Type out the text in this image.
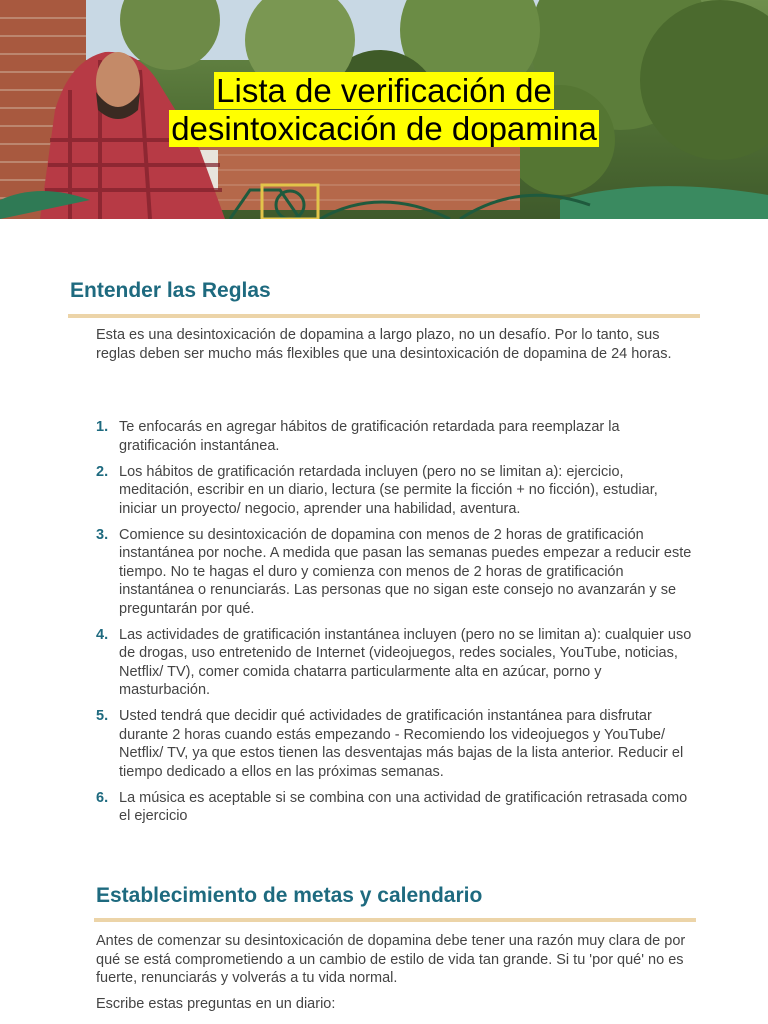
Lista de verificación de
desintoxicación de dopamina
Entender las Reglas

Esta es una desintoxicación de dopamina a largo plazo, no un desafío. Por lo tanto, sus reglas deben ser mucho más flexibles que una desintoxicación de dopamina de 24 horas.

1. Te enfocarás en agregar hábitos de gratificación retardada para reemplazar la gratificación instantánea.
2. Los hábitos de gratificación retardada incluyen (pero no se limitan a): ejercicio, meditación, escribir en un diario, lectura (se permite la ficción + no ficción), estudiar, iniciar un proyecto/ negocio, aprender una habilidad, aventura.
3. Comience su desintoxicación de dopamina con menos de 2 horas de gratificación instantánea por noche. A medida que pasan las semanas puedes empezar a reducir este tiempo. No te hagas el duro y comienza con menos de 2 horas de gratificación instantánea o renunciarás. Las personas que no sigan este consejo no avanzarán y se preguntarán por qué.
4. Las actividades de gratificación instantánea incluyen (pero no se limitan a): cualquier uso de drogas, uso entretenido de Internet (videojuegos, redes sociales, YouTube, noticias, Netflix/ TV), comer comida chatarra particularmente alta en azúcar, porno y masturbación.
5. Usted tendrá que decidir qué actividades de gratificación instantánea para disfrutar durante 2 horas cuando estás empezando - Recomiendo los videojuegos y YouTube/ Netflix/ TV, ya que estos tienen las desventajas más bajas de la lista anterior. Reducir el tiempo dedicado a ellos en las próximas semanas.
6. La música es aceptable si se combina con una actividad de gratificación retrasada como el ejercicio
Establecimiento de metas y calendario

Antes de comenzar su desintoxicación de dopamina debe tener una razón muy clara de por qué se está comprometiendo a un cambio de estilo de vida tan grande. Si tu 'por qué' no es fuerte, renunciarás y volverás a tu vida normal.

Escribe estas preguntas en un diario:
